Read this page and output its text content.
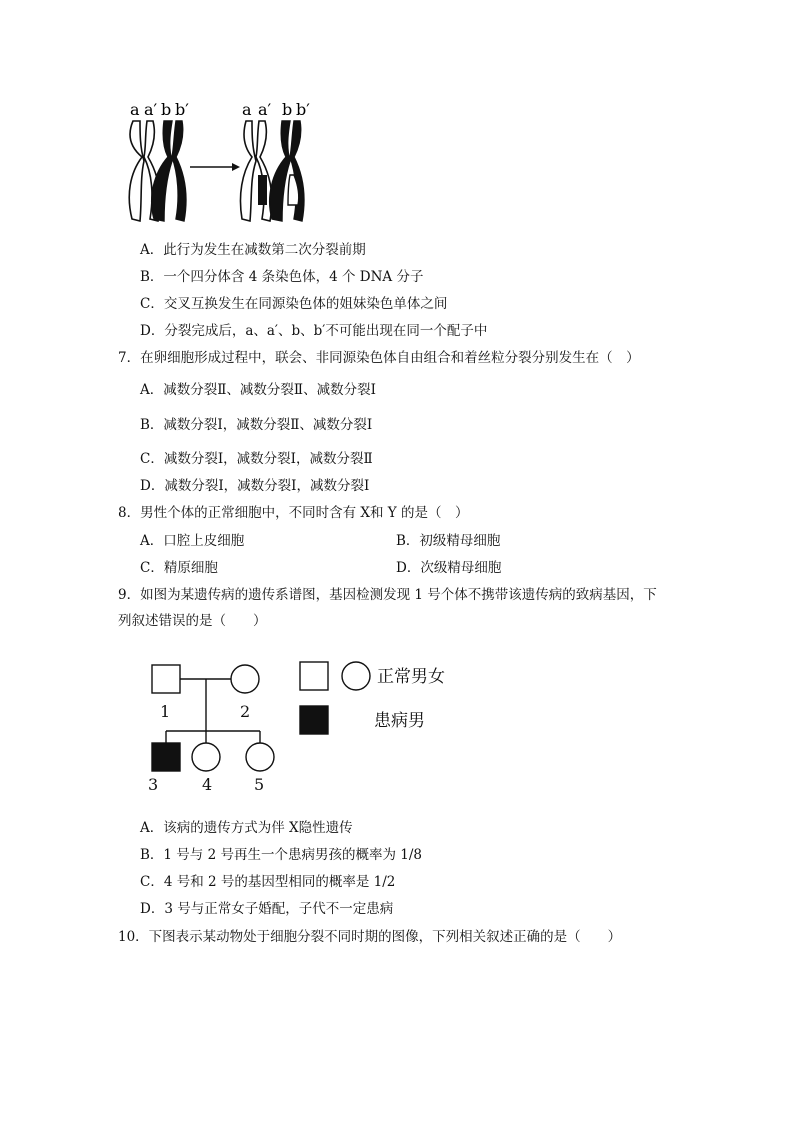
a a′ b b′	a a′ b b′
A．此行为发生在减数第二次分裂前期
B．一个四分体含 4 条染色体，4 个 DNA 分子
C．交叉互换发生在同源染色体的姐妹染色单体之间
D．分裂完成后，a、a′、b、b′不可能出现在同一个配子中
7．在卵细胞形成过程中，联会、非同源染色体自由组合和着丝粒分裂分别发生在（　）
A．减数分裂Ⅱ、减数分裂Ⅱ、减数分裂Ⅰ
B．减数分裂Ⅰ，减数分裂Ⅱ、减数分裂Ⅰ
C．减数分裂Ⅰ，减数分裂Ⅰ，减数分裂Ⅱ
D．减数分裂Ⅰ，减数分裂Ⅰ，减数分裂Ⅰ
8．男性个体的正常细胞中，不同时含有 X和 Y 的是（　）
A．口腔上皮细胞	B．初级精母细胞
C．精原细胞	D．次级精母细胞
9．如图为某遗传病的遗传系谱图，基因检测发现 1 号个体不携带该遗传病的致病基因，下
列叙述错误的是（　　）
1	2
3	4	5
正常男女
患病男
A．该病的遗传方式为伴 X隐性遗传
B．1 号与 2 号再生一个患病男孩的概率为 1/8
C．4 号和 2 号的基因型相同的概率是 1/2
D．3 号与正常女子婚配，子代不一定患病
10．下图表示某动物处于细胞分裂不同时期的图像，下列相关叙述正确的是（　　）
